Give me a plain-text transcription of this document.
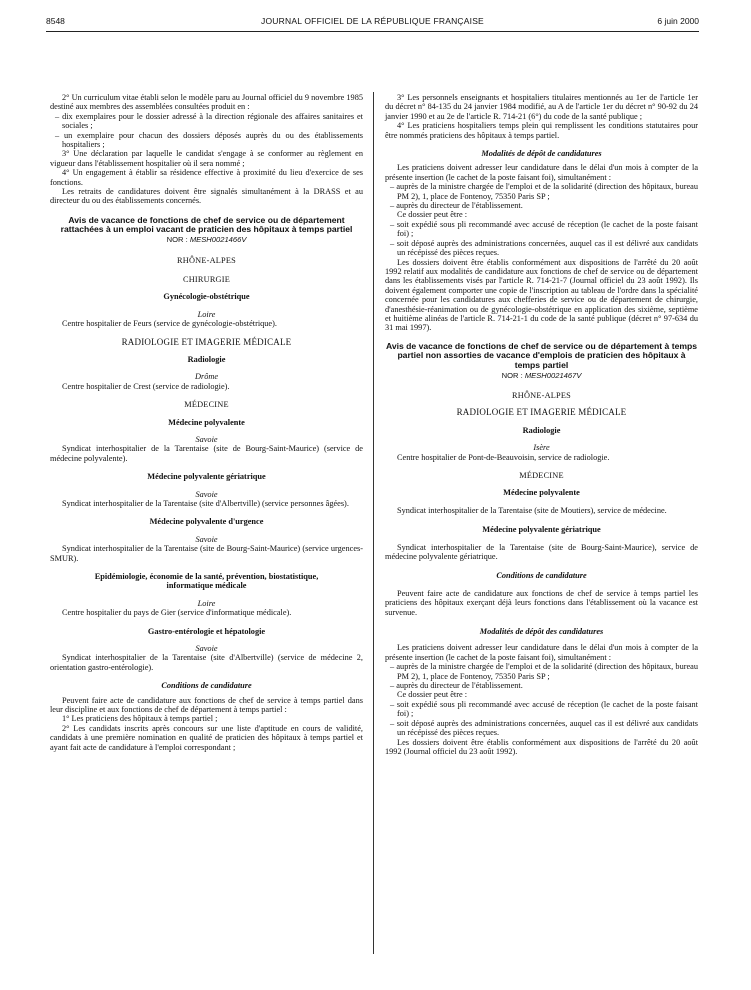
8548	JOURNAL OFFICIEL DE LA RÉPUBLIQUE FRANÇAISE	6 juin 2000

2° Un curriculum vitae établi selon le modèle paru au Journal officiel du 9 novembre 1985 destiné aux membres des assemblées consultées produit en :

– dix exemplaires pour le dossier adressé à la direction régionale des affaires sanitaires et sociales ;

– un exemplaire pour chacun des dossiers déposés auprès du ou des établissements hospitaliers ;

3° Une déclaration par laquelle le candidat s'engage à se conformer au règlement en vigueur dans l'établissement hospitalier où il sera nommé ;

4° Un engagement à établir sa résidence effective à proximité du lieu d'exercice de ses fonctions.

Les retraits de candidatures doivent être signalés simultanément à la DRASS et au directeur du ou des établissements concernés.

Avis de vacance de fonctions de chef de service ou de département rattachées à un emploi vacant de praticien des hôpitaux à temps partiel

NOR : MESH0021466V

RHÔNE-ALPES

CHIRURGIE

Gynécologie-obstétrique

Loire

Centre hospitalier de Feurs (service de gynécologie-obstétrique).

RADIOLOGIE ET IMAGERIE MÉDICALE

Radiologie

Drôme

Centre hospitalier de Crest (service de radiologie).

MÉDECINE

Médecine polyvalente

Savoie

Syndicat interhospitalier de la Tarentaise (site de Bourg-Saint-Maurice) (service de médecine polyvalente).

Médecine polyvalente gériatrique

Savoie

Syndicat interhospitalier de la Tarentaise (site d'Albertville) (service personnes âgées).

Médecine polyvalente d'urgence

Savoie

Syndicat interhospitalier de la Tarentaise (site de Bourg-Saint-Maurice) (service urgences-SMUR).

Epidémiologie, économie de la santé, prévention, biostatistique, informatique médicale

Loire

Centre hospitalier du pays de Gier (service d'informatique médicale).

Gastro-entérologie et hépatologie

Savoie

Syndicat interhospitalier de la Tarentaise (site d'Albertville) (service de médecine 2, orientation gastro-entérologie).

Conditions de candidature

Peuvent faire acte de candidature aux fonctions de chef de service à temps partiel dans leur discipline et aux fonctions de chef de département à temps partiel :

1° Les praticiens des hôpitaux à temps partiel ;

2° Les candidats inscrits après concours sur une liste d'aptitude en cours de validité, candidats à une première nomination en qualité de praticien des hôpitaux à temps partiel et ayant fait acte de candidature à l'emploi correspondant ;

3° Les personnels enseignants et hospitaliers titulaires mentionnés au 1er de l'article 1er du décret n° 84-135 du 24 janvier 1984 modifié, au A de l'article 1er du décret n° 90-92 du 24 janvier 1990 et au 2e de l'article R. 714-21 (6°) du code de la santé publique ;

4° Les praticiens hospitaliers temps plein qui remplissent les conditions statutaires pour être nommés praticiens des hôpitaux à temps partiel.

Modalités de dépôt de candidatures

Les praticiens doivent adresser leur candidature dans le délai d'un mois à compter de la présente insertion (le cachet de la poste faisant foi), simultanément :

– auprès de la ministre chargée de l'emploi et de la solidarité (direction des hôpitaux, bureau PM 2), 1, place de Fontenoy, 75350 Paris SP ;

– auprès du directeur de l'établissement.

Ce dossier peut être :

– soit expédié sous pli recommandé avec accusé de réception (le cachet de la poste faisant foi) ;

– soit déposé auprès des administrations concernées, auquel cas il est délivré aux candidats un récépissé des pièces reçues.

Les dossiers doivent être établis conformément aux dispositions de l'arrêté du 20 août 1992 relatif aux modalités de candidature aux fonctions de chef de service ou de département dans les établissements visés par l'article R. 714-21-7 (Journal officiel du 23 août 1992). Ils doivent également comporter une copie de l'inscription au tableau de l'ordre dans la spécialité concernée pour les candidatures aux chefferies de service ou de département de chirurgie, d'anesthésie-réanimation ou de gynécologie-obstétrique en application des sixième, septième et huitième alinéas de l'article R. 714-21-1 du code de la santé publique (décret n° 97-634 du 31 mai 1997).

Avis de vacance de fonctions de chef de service ou de département à temps partiel non assorties de vacance d'emplois de praticien des hôpitaux à temps partiel

NOR : MESH0021467V

RHÔNE-ALPES

RADIOLOGIE ET IMAGERIE MÉDICALE

Radiologie

Isère

Centre hospitalier de Pont-de-Beauvoisin, service de radiologie.

MÉDECINE

Médecine polyvalente

Syndicat interhospitalier de la Tarentaise (site de Moutiers), service de médecine.

Médecine polyvalente gériatrique

Syndicat interhospitalier de la Tarentaise (site de Bourg-Saint-Maurice), service de médecine polyvalente gériatrique.

Conditions de candidature

Peuvent faire acte de candidature aux fonctions de chef de service à temps partiel les praticiens des hôpitaux exerçant déjà leurs fonctions dans l'établissement où la vacance est survenue.

Modalités de dépôt des candidatures

Les praticiens doivent adresser leur candidature dans le délai d'un mois à compter de la présente insertion (le cachet de la poste faisant foi), simultanément :

– auprès de la ministre chargée de l'emploi et de la solidarité (direction des hôpitaux, bureau PM 2), 1, place de Fontenoy, 75350 Paris SP ;

– auprès du directeur de l'établissement.

Ce dossier peut être :

– soit expédié sous pli recommandé avec accusé de réception (le cachet de la poste faisant foi) ;

– soit déposé auprès des administrations concernées, auquel cas il est délivré aux candidats un récépissé des pièces reçues.

Les dossiers doivent être établis conformément aux dispositions de l'arrêté du 20 août 1992 (Journal officiel du 23 août 1992).
